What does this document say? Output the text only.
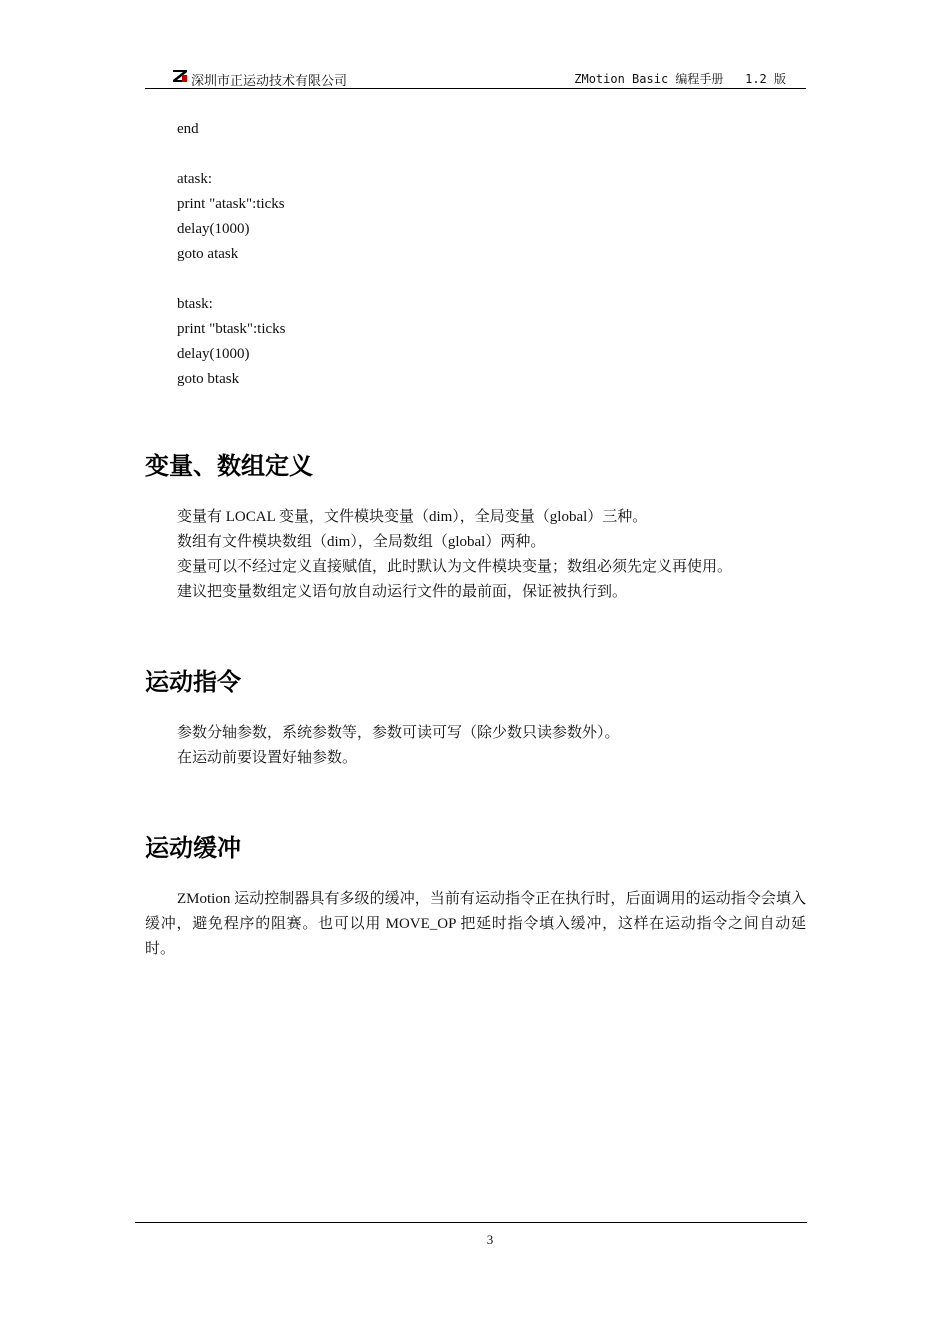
深圳市正运动技术有限公司	ZMotion Basic 编程手册 1.2 版
end
atask:
print "atask":ticks
delay(1000)
goto atask
btask:
print "btask":ticks
delay(1000)
goto btask
变量、数组定义
变量有 LOCAL 变量，文件模块变量（dim），全局变量（global）三种。
数组有文件模块数组（dim），全局数组（global）两种。
变量可以不经过定义直接赋值，此时默认为文件模块变量；数组必须先定义再使用。
建议把变量数组定义语句放自动运行文件的最前面，保证被执行到。
运动指令
参数分轴参数，系统参数等，参数可读可写（除少数只读参数外）。
在运动前要设置好轴参数。
运动缓冲
ZMotion 运动控制器具有多级的缓冲，当前有运动指令正在执行时，后面调用的运动指令会填入缓冲，避免程序的阻赛。也可以用 MOVE_OP 把延时指令填入缓冲，这样在运动指令之间自动延时。
3
